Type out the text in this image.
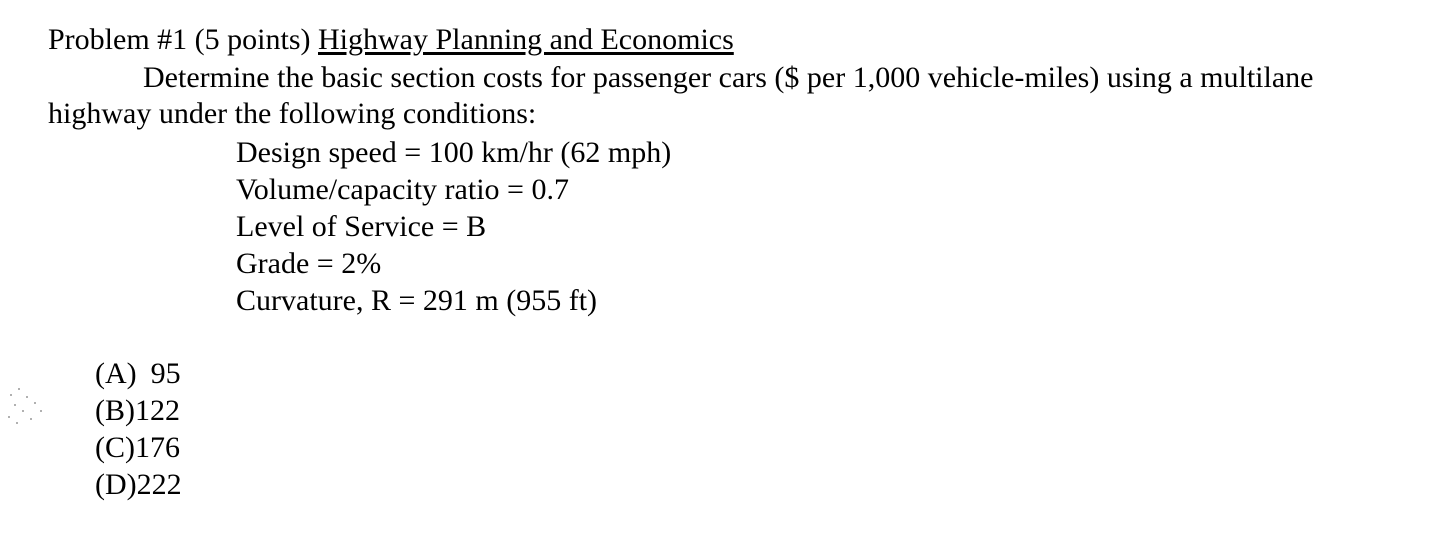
Problem #1 (5 points) Highway Planning and Economics
Determine the basic section costs for passenger cars ($ per 1,000 vehicle-miles) using a multilane
highway under the following conditions:
Design speed = 100 km/hr (62 mph)
Volume/capacity ratio = 0.7
Level of Service = B
Grade = 2%
Curvature, R = 291 m (955 ft)
(A) 95
(B)122
(C)176
(D)222
